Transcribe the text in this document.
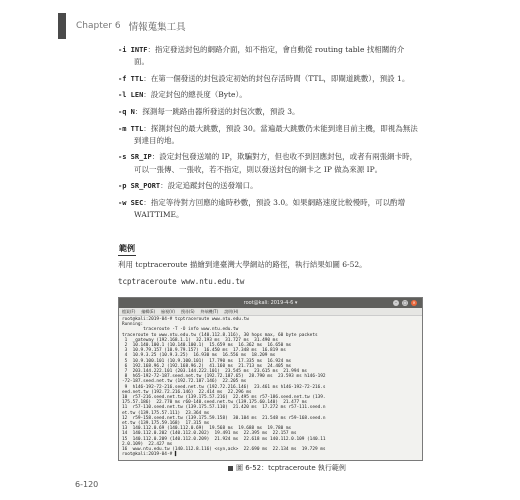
Chapter 6 情報蒐集工具
-i INTF：指定發送封包的網路介面，如不指定，會自動從 routing table 找相關的介面。
-f TTL：在第一個發送的封包設定初始的封包存活時間（TTL，即閘道跳數），預設 1。
-l LEN：設定封包的總長度（Byte）。
-q N：探測每一跳路由器所發送的封包次數，預設 3。
-m TTL：探測封包的最大跳數，預設 30。當遍最大跳數仍未能到達目前主機，即視為無法到達目的地。
-s SR_IP：設定封包發送端的 IP，欺騙對方，但也收不到回應封包，或者有兩張網卡時，可以一張傳、一張收，若不指定，則以發送封包的網卡之 IP 做為來源 IP。
-p SR_PORT：設定追蹤封包的送發端口。
-w SEC：指定等待對方回應的逾時秒數，預設 3.0。如果網路速度比較慢時，可以酌增 WAITTIME。
範例
利用 tcptraceroute 描繪到達臺灣大學網站的路徑，執行結果如圖 6-52。
tcptraceroute www.ntu.edu.tw
root@kali: 2019-4-6 ▾	–	□	×
檔案(F) 編輯(E) 檢視(V) 搜尋(S) 終端機(T) 說明(H)
root@kali:2019-04-# tcptraceroute www.ntu.edu.tw
Running:
traceroute -T -O info www.ntu.edu.tw
traceroute to www.ntu.edu.tw (140.112.8.116), 30 hops max, 60 byte packets
1  _gateway (192.168.1.1)  32.193 ms  31.727 ms  31.490 ms
2  10.140.100.1 (10.140.100.1)  15.659 ms  16.362 ms  16.650 ms
3  10.9.79.157 (10.9.79.157)  16.450 ms  17.348 ms  16.819 ms
4  10.9.3.25 (10.9.3.25)  16.930 ms  16.556 ms  18.209 ms
5  10.9.100.101 (10.9.100.101)  17.790 ms  17.335 ms  16.924 ms
6  192.168.96.2 (192.168.96.2)  41.160 ms  21.713 ms  24.405 ms
7  203.144.222.101 (203.144.222.101)  23.545 ms  23.615 ms  21.994 ms
8  h65-192-72-187.seed.net.tw (192.72.187.65)  28.790 ms  23.593 ms h146-192
-72-187.seed.net.tw (192.72.187.146)  22.205 ms
9  h146-192-72-216.seed.net.tw (192.72.216.146)  23.461 ms h146-192-72-216.s
eed.net.tw (192.72.216.146)  22.414 ms  22.296 ms
10  r57-216.seed.net.tw (139.175.57.216)  22.495 ms r57-186.seed.net.tw (139.
175.57.186)  22.770 ms r60-140.seed.net.tw (139.175.60.140)  21.477 ms
11  r57-110.seed.net.tw (139.175.57.110)  21.420 ms  17.272 ms r57-111.seed.n
et.tw (139.175.57.111)  23.364 ms
12  r59-158.seed.net.tw (139.175.59.158)  30.104 ms  21.548 ms r59-168.seed.n
et.tw (139.175.59.168)  17.315 ms
13  140.112.0.69 (140.112.0.69)  19.568 ms  19.688 ms  19.780 ms
14  140.112.0.202 (140.112.0.202)  19.491 ms  22.395 ms  22.157 ms
15  140.112.0.209 (140.112.0.209)  21.924 ms  22.618 ms 140.112.0.109 (140.11
2.0.109)  22.427 ms
16  www.ntu.edu.tw (140.112.8.116) <syn,ack>  22.690 ms  22.134 ms  19.729 ms
root@kali:2019-04-# ▌
圖 6-52：tcptraceroute 執行範例
6-120
